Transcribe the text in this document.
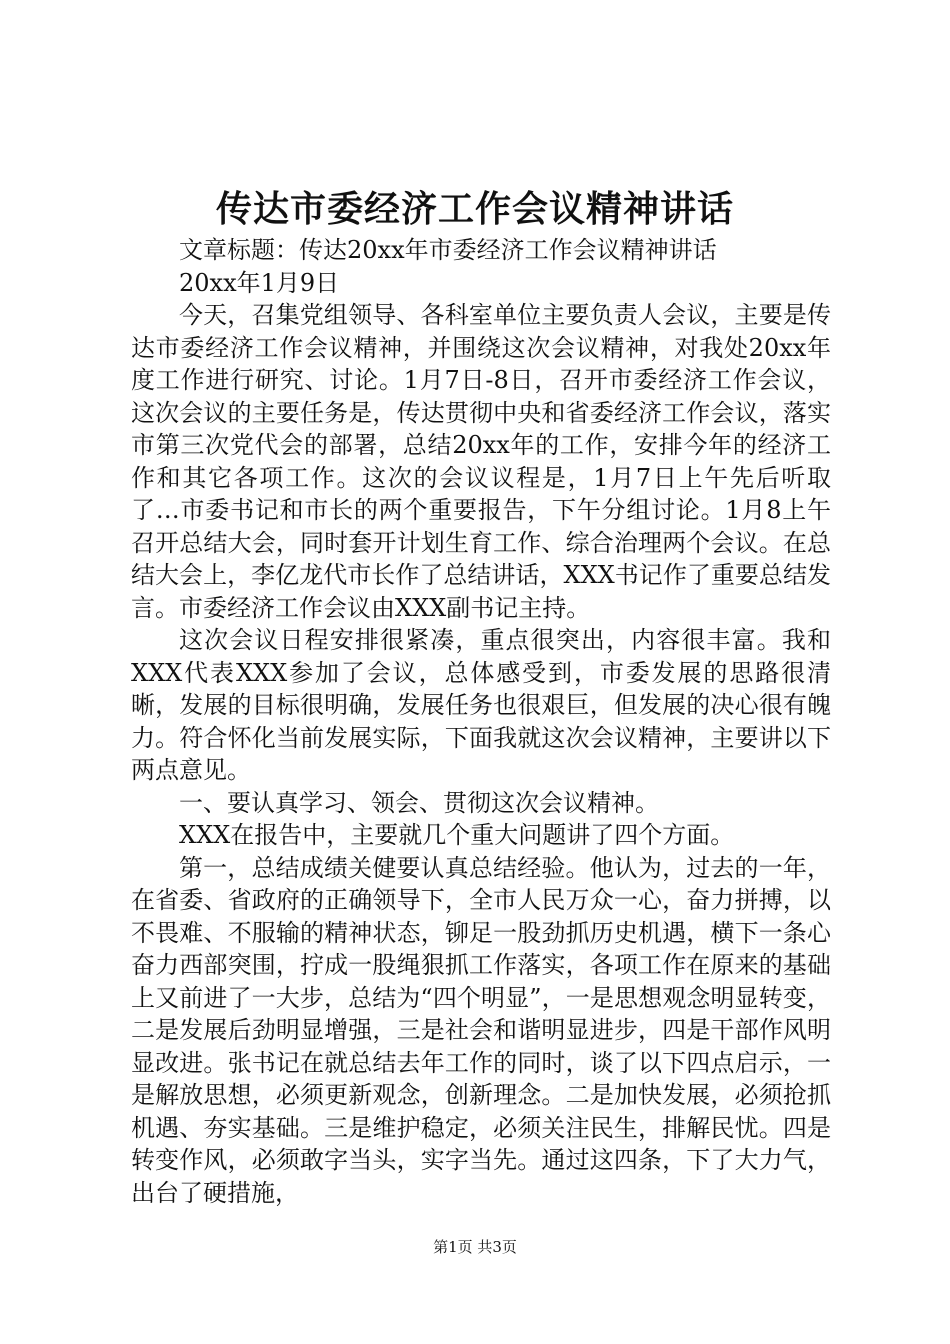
传达市委经济工作会议精神讲话

文章标题：传达20xx年市委经济工作会议精神讲话

20xx年1月9日

今天，召集党组领导、各科室单位主要负责人会议，主要是传达市委经济工作会议精神，并围绕这次会议精神，对我处20xx年度工作进行研究、讨论。1月7日-8日，召开市委经济工作会议，这次会议的主要任务是，传达贯彻中央和省委经济工作会议，落实市第三次党代会的部署，总结20xx年的工作，安排今年的经济工作和其它各项工作。这次的会议议程是，1月7日上午先后听取了…市委书记和市长的两个重要报告，下午分组讨论。1月8上午召开总结大会，同时套开计划生育工作、综合治理两个会议。在总结大会上，李亿龙代市长作了总结讲话，XXX书记作了重要总结发言。市委经济工作会议由XXX副书记主持。

这次会议日程安排很紧凑，重点很突出，内容很丰富。我和XXX代表XXX参加了会议，总体感受到，市委发展的思路很清晰，发展的目标很明确，发展任务也很艰巨，但发展的决心很有魄力。符合怀化当前发展实际，下面我就这次会议精神，主要讲以下两点意见。

一、要认真学习、领会、贯彻这次会议精神。

XXX在报告中，主要就几个重大问题讲了四个方面。

第一，总结成绩关健要认真总结经验。他认为，过去的一年，在省委、省政府的正确领导下，全市人民万众一心，奋力拼搏，以不畏难、不服输的精神状态，铆足一股劲抓历史机遇，横下一条心奋力西部突围，拧成一股绳狠抓工作落实，各项工作在原来的基础上又前进了一大步，总结为“四个明显”，一是思想观念明显转变，二是发展后劲明显增强，三是社会和谐明显进步，四是干部作风明显改进。张书记在就总结去年工作的同时，谈了以下四点启示，一是解放思想，必须更新观念，创新理念。二是加快发展，必须抢抓机遇、夯实基础。三是维护稳定，必须关注民生，排解民忧。四是转变作风，必须敢字当头，实字当先。通过这四条，下了大力气，出台了硬措施，

第1页 共3页
